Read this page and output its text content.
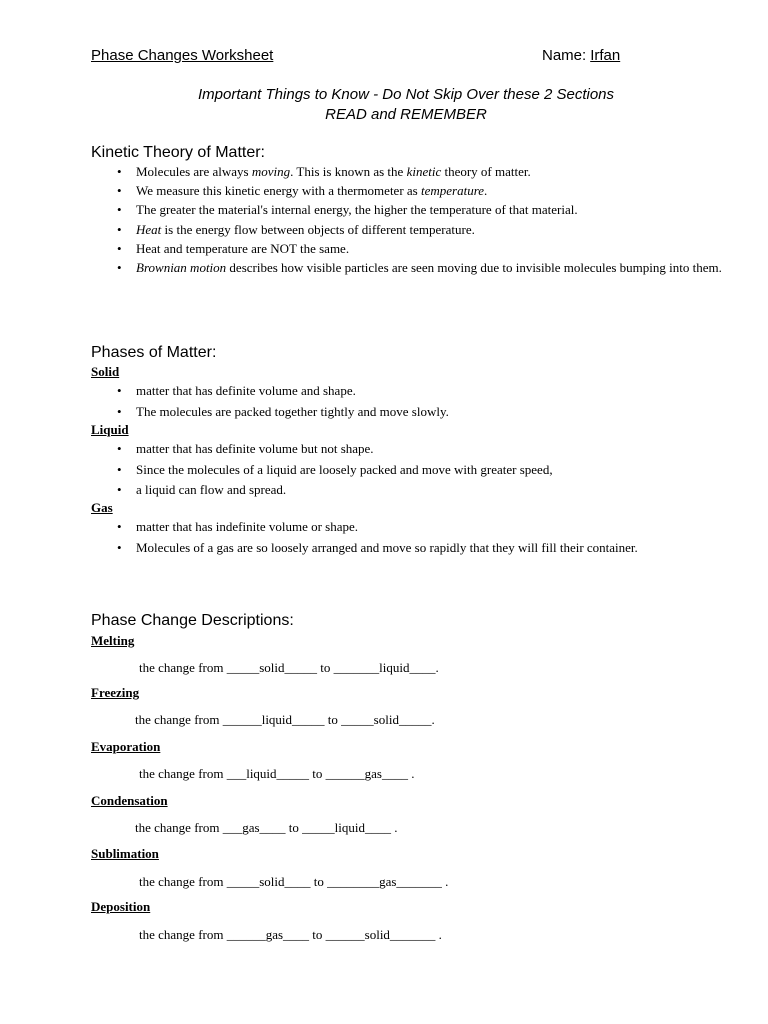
Phase Changes Worksheet	Name: Irfan
Important Things to Know - Do Not Skip Over these 2 Sections
READ and REMEMBER
Kinetic Theory of Matter:
• Molecules are always moving. This is known as the kinetic theory of matter.
• We measure this kinetic energy with a thermometer as temperature.
• The greater the material's internal energy, the higher the temperature of that material.
• Heat is the energy flow between objects of different temperature.
• Heat and temperature are NOT the same.
• Brownian motion describes how visible particles are seen moving due to invisible molecules bumping into them.
Phases of Matter:
Solid
• matter that has definite volume and shape.
• The molecules are packed together tightly and move slowly.
Liquid
• matter that has definite volume but not shape.
• Since the molecules of a liquid are loosely packed and move with greater speed,
• a liquid can flow and spread.
Gas
• matter that has indefinite volume or shape.
• Molecules of a gas are so loosely arranged and move so rapidly that they will fill their container.
Phase Change Descriptions:
Melting
the change from _____solid_____ to _______liquid____.
Freezing
the change from ______liquid_____ to _____solid_____.
Evaporation
the change from ___liquid_____ to ______gas____ .
Condensation
the change from ___gas____ to _____liquid____ .
Sublimation
the change from _____solid____ to ________gas_______ .
Deposition
the change from ______gas____ to ______solid_______ .
